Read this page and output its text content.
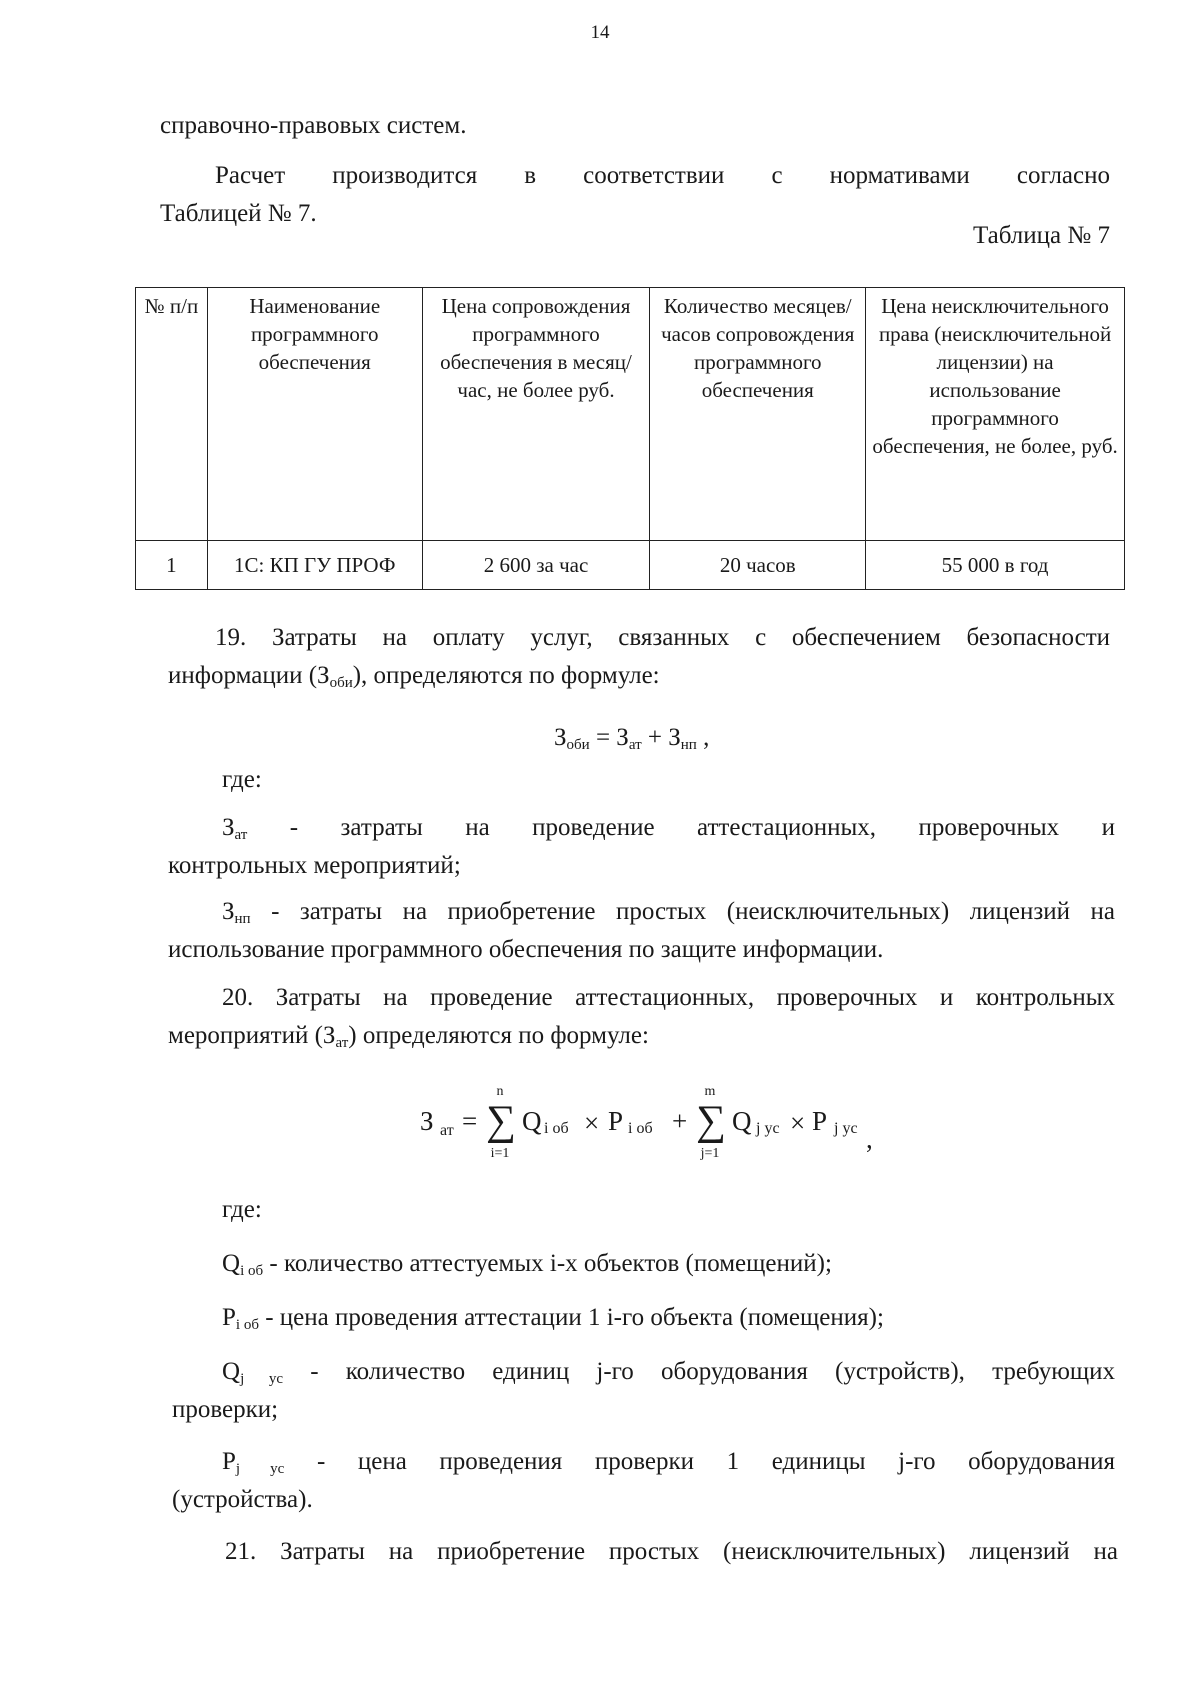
14
справочно-правовых систем.
Расчет производится в соответствии с нормативами согласно
Таблицей № 7.
Таблица № 7
№ п/п	Наименование программного обеспечения	Цена сопровождения программного обеспечения в месяц/час, не более руб.	Количество месяцев/часов сопровождения программного обеспечения	Цена неисключительного права (неисключительной лицензии) на использование программного обеспечения, не более, руб.
1	1С: КП ГУ ПРОФ	2 600 за час	20 часов	55 000 в год
19. Затраты на оплату услуг, связанных с обеспечением безопасности
информации $(З_{оби})$, определяются по формуле:
$З_{оби} = З_{ат} + З_{нп}$ ,
где:
$З_{ат}$ - затраты на проведение аттестационных, проверочных и
контрольных мероприятий;
$З_{нп}$ - затраты на приобретение простых (неисключительных) лицензий на
использование программного обеспечения по защите информации.
20. Затраты на проведение аттестационных, проверочных и контрольных
мероприятий $(З_{ат})$ определяются по формуле:
З ат =
n
∑
i=1
Q i об × P i об +
m
∑
j=1
Q j ус × P j ус ,
где:
$Q_{i об}$ - количество аттестуемых i-х объектов (помещений);
$P_{i об}$ - цена проведения аттестации 1 i-го объекта (помещения);
$Q_{j ус}$ - количество единиц j-го оборудования (устройств), требующих
проверки;
$P_{j ус}$ - цена проведения проверки 1 единицы j-го оборудования
(устройства).
21. Затраты на приобретение простых (неисключительных) лицензий на
